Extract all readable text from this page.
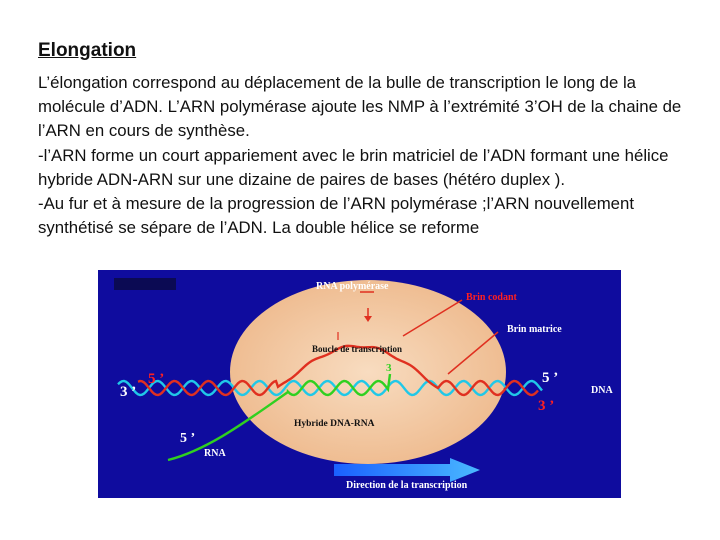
Elongation

L’élongation correspond au déplacement de la bulle de transcription le long de la molécule d’ADN. L’ARN polymérase ajoute les NMP à l’extrémité 3’OH de la chaine de l’ARN en cours de synthèse.

-l’ARN forme un court appariement avec le brin matriciel de l’ADN formant une hélice hybride ADN-ARN sur une dizaine de paires de bases (hétéro duplex ).

-Au fur et à mesure de la progression de l’ARN polymérase ;l’ARN nouvellement synthétisé se sépare de l’ADN. La double hélice se reforme

RNA polymérase
Brin codant
Brin matrice
Boucle de transcription
Hybride DNA-RNA
5 ’
3 ’
5 ’
3 ’
DNA
3
5 ’
RNA
Direction de la transcription
